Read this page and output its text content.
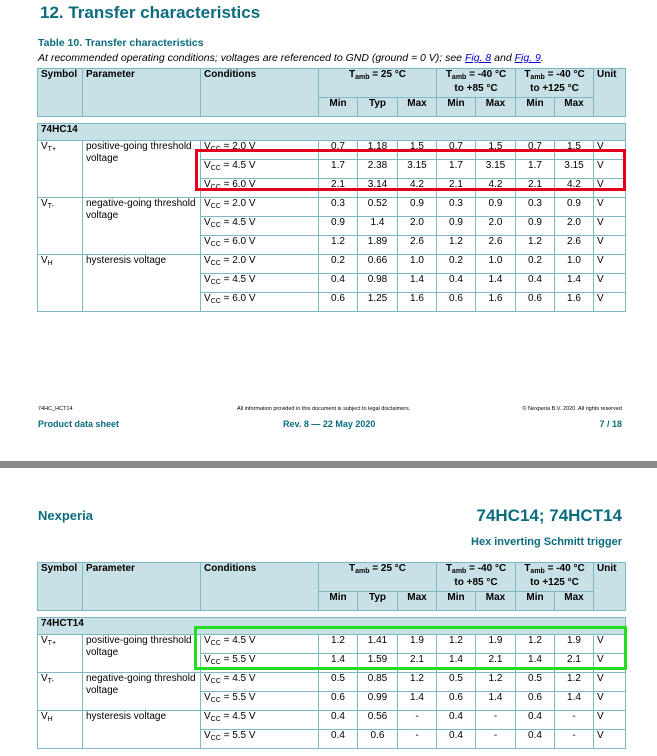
12. Transfer characteristics
Table 10. Transfer characteristics
At recommended operating conditions; voltages are referenced to GND (ground = 0 V); see Fig. 8 and Fig. 9.
Symbol	Parameter	Conditions	$T_{amb} = 25$ °C			$T_{amb} = -40$ °C
to +85 °C		$T_{amb} = -40$ °C
to +125 °C		Unit
			Min	Typ	Max	Min	Max	Min	Max	

74HC14										
$V_{T+}$	positive-going threshold voltage	$V_{CC} = 2.0$ V	0.7	1.18	1.5	0.7	1.5	0.7	1.5	V
		$V_{CC} = 4.5$ V	1.7	2.38	3.15	1.7	3.15	1.7	3.15	V
		$V_{CC} = 6.0$ V	2.1	3.14	4.2	2.1	4.2	2.1	4.2	V
$V_{T-}$	negative-going threshold voltage	$V_{CC} = 2.0$ V	0.3	0.52	0.9	0.3	0.9	0.3	0.9	V
		$V_{CC} = 4.5$ V	0.9	1.4	2.0	0.9	2.0	0.9	2.0	V
		$V_{CC} = 6.0$ V	1.2	1.89	2.6	1.2	2.6	1.2	2.6	V
$V_H$	hysteresis voltage	$V_{CC} = 2.0$ V	0.2	0.66	1.0	0.2	1.0	0.2	1.0	V
		$V_{CC} = 4.5$ V	0.4	0.98	1.4	0.4	1.4	0.4	1.4	V
		$V_{CC} = 6.0$ V	0.6	1.25	1.6	0.6	1.6	0.6	1.6	V
74HC_HCT14	All information provided in this document is subject to legal disclaimers.	© Nexperia B.V. 2020. All rights reserved
Product data sheet	Rev. 8 — 22 May 2020	7 / 18
Nexperia	74HC14; 74HCT14
Hex inverting Schmitt trigger
Symbol	Parameter	Conditions	$T_{amb} = 25$ °C			$T_{amb} = -40$ °C
to +85 °C		$T_{amb} = -40$ °C
to +125 °C		Unit
			Min	Typ	Max	Min	Max	Min	Max	

74HCT14										
$V_{T+}$	positive-going threshold voltage	$V_{CC} = 4.5$ V	1.2	1.41	1.9	1.2	1.9	1.2	1.9	V
		$V_{CC} = 5.5$ V	1.4	1.59	2.1	1.4	2.1	1.4	2.1	V
$V_{T-}$	negative-going threshold voltage	$V_{CC} = 4.5$ V	0.5	0.85	1.2	0.5	1.2	0.5	1.2	V
		$V_{CC} = 5.5$ V	0.6	0.99	1.4	0.6	1.4	0.6	1.4	V
$V_H$	hysteresis voltage	$V_{CC} = 4.5$ V	0.4	0.56	-	0.4	-	0.4	-	V
		$V_{CC} = 5.5$ V	0.4	0.6	-	0.4	-	0.4	-	V
